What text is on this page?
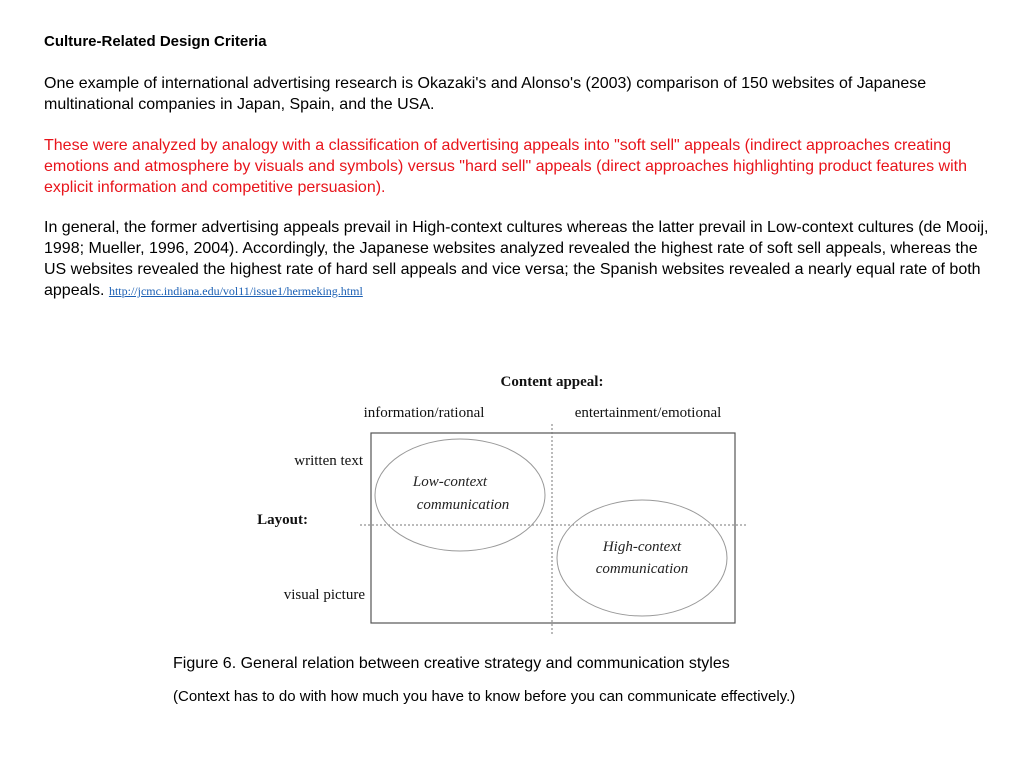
Culture-Related Design Criteria
One example of international advertising research is Okazaki's and Alonso's (2003) comparison of 150 websites of Japanese multinational companies in Japan, Spain, and the USA.
These were analyzed by analogy with a classification of advertising appeals into "soft sell" appeals (indirect approaches creating emotions and atmosphere by visuals and symbols) versus "hard sell" appeals (direct approaches highlighting product features with explicit information and competitive persuasion).
In general, the former advertising appeals prevail in High-context cultures whereas the latter prevail in Low-context cultures (de Mooij, 1998; Mueller, 1996, 2004). Accordingly, the Japanese websites analyzed revealed the highest rate of soft sell appeals, whereas the US websites revealed the highest rate of hard sell appeals and vice versa; the Spanish websites revealed a nearly equal rate of both appeals. http://jcmc.indiana.edu/vol11/issue1/hermeking.html
Content appeal:
information/rational	entertainment/emotional
written text
Layout:
visual picture
Low-context
communication
High-context
communication
Figure 6. General relation between creative strategy and communication styles
(Context has to do with how much you have to know before you can communicate effectively.)
